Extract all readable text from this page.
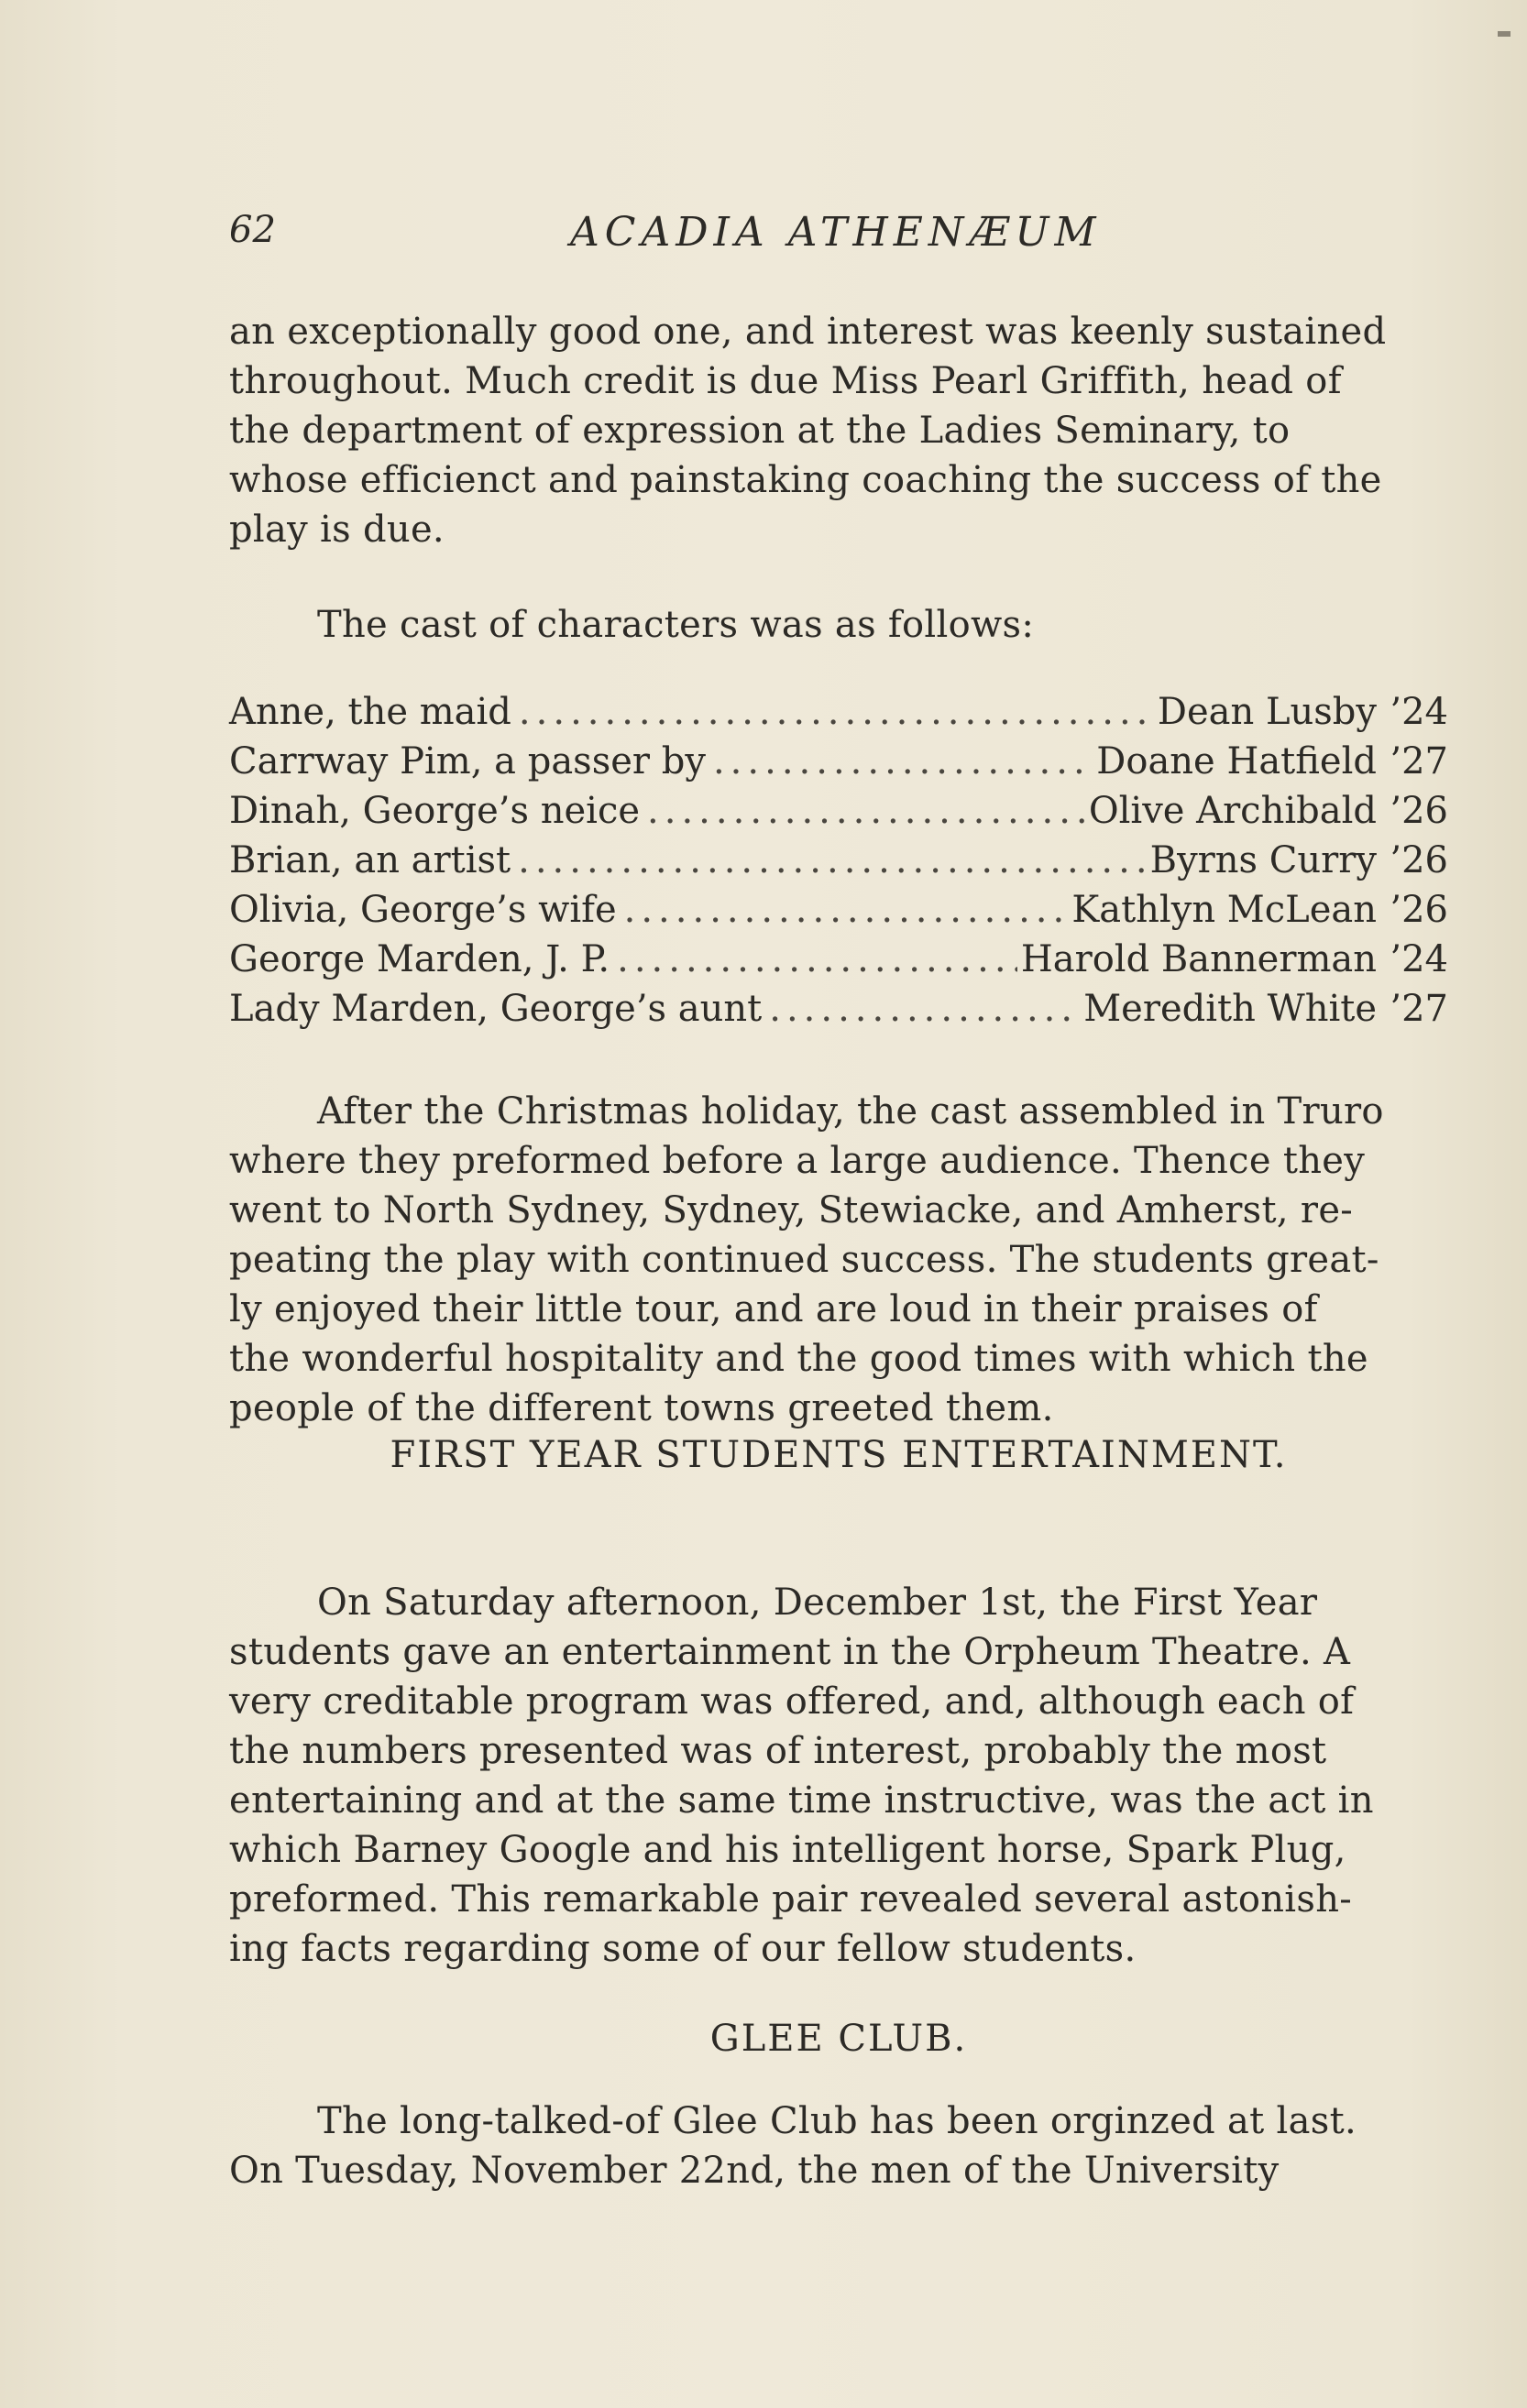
62	ACADIA ATHENÆUM

an exceptionally good one, and interest was keenly sustained

throughout. Much credit is due Miss Pearl Griffith, head of

the department of expression at the Ladies Seminary, to

whose efficienct and painstaking coaching the success of the

play is due.

The cast of characters was as follows:

Anne, the maid .....	Dean Lusby ’24
Carrway Pim, a passer by .....	Doane Hatfield ’27
Dinah, George’s neice .....	Olive Archibald ’26
Brian, an artist .....	Byrns Curry ’26
Olivia, George’s wife .....	Kathlyn McLean ’26
George Marden, J. P. .....	Harold Bannerman ’24
Lady Marden, George’s aunt .....	Meredith White ’27

After the Christmas holiday, the cast assembled in Truro

where they preformed before a large audience. Thence they

went to North Sydney, Sydney, Stewiacke, and Amherst, re-

peating the play with continued success. The students great-

ly enjoyed their little tour, and are loud in their praises of

the wonderful hospitality and the good times with which the

people of the different towns greeted them.

FIRST YEAR STUDENTS ENTERTAINMENT.

On Saturday afternoon, December 1st, the First Year

students gave an entertainment in the Orpheum Theatre. A

very creditable program was offered, and, although each of

the numbers presented was of interest, probably the most

entertaining and at the same time instructive, was the act in

which Barney Google and his intelligent horse, Spark Plug,

preformed. This remarkable pair revealed several astonish-

ing facts regarding some of our fellow students.

GLEE CLUB.

The long-talked-of Glee Club has been orginzed at last.

On Tuesday, November 22nd, the men of the University
